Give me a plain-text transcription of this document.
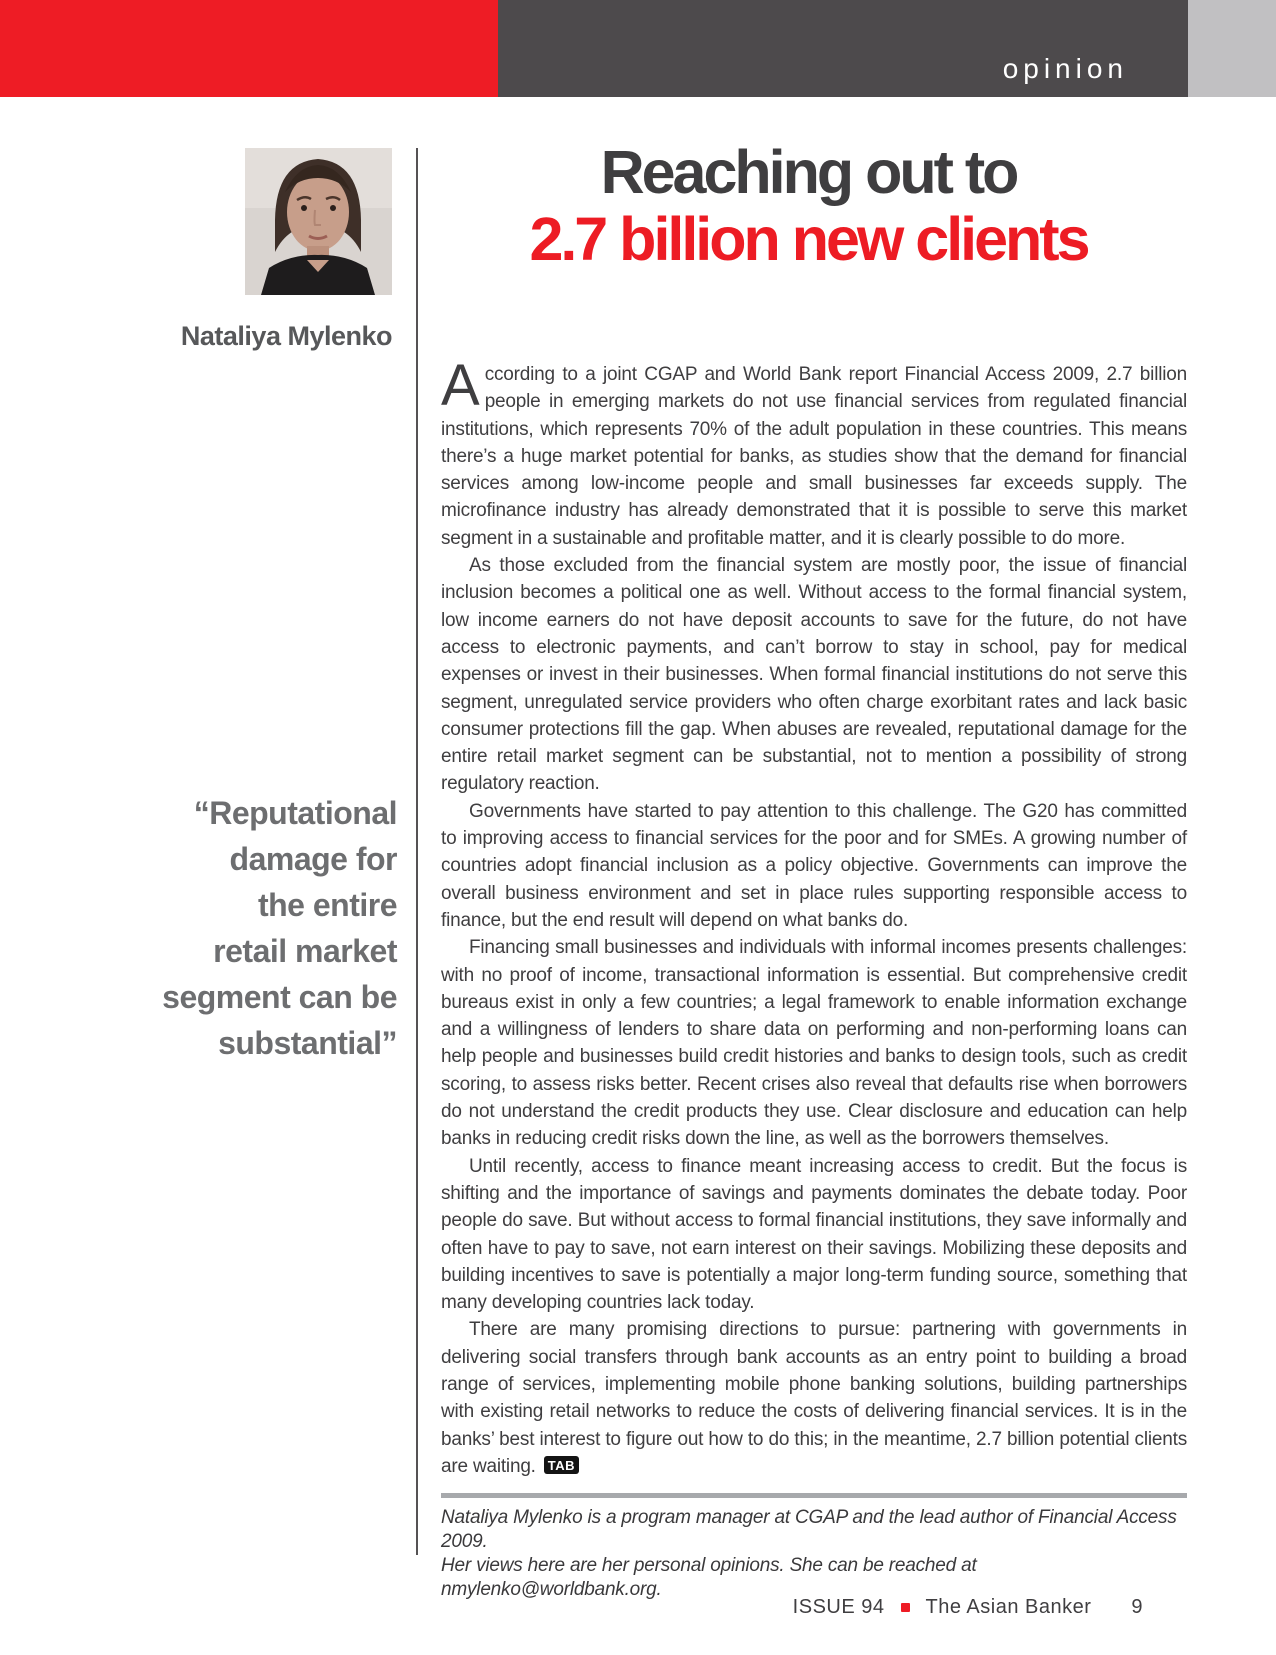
opinion
Nataliya Mylenko
Reaching out to
2.7 billion new clients
“Reputational
damage for
the entire
retail market
segment can be
substantial”

According to a joint CGAP and World Bank report Financial Access 2009, 2.7 billion people in emerging markets do not use financial services from regulated financial institutions, which represents 70% of the adult population in these countries. This means there’s a huge market potential for banks, as studies show that the demand for financial services among low-income people and small businesses far exceeds supply. The microfinance industry has already demonstrated that it is possible to serve this market segment in a sustainable and profitable matter, and it is clearly possible to do more.

As those excluded from the financial system are mostly poor, the issue of financial inclusion becomes a political one as well. Without access to the formal financial system, low income earners do not have deposit accounts to save for the future, do not have access to electronic payments, and can’t borrow to stay in school, pay for medical expenses or invest in their businesses. When formal financial institutions do not serve this segment, unregulated service providers who often charge exorbitant rates and lack basic consumer protections fill the gap. When abuses are revealed, reputational damage for the entire retail market segment can be substantial, not to mention a possibility of strong regulatory reaction.

Governments have started to pay attention to this challenge. The G20 has committed to improving access to financial services for the poor and for SMEs. A growing number of countries adopt financial inclusion as a policy objective. Governments can improve the overall business environment and set in place rules supporting responsible access to finance, but the end result will depend on what banks do.

Financing small businesses and individuals with informal incomes presents challenges: with no proof of income, transactional information is essential. But comprehensive credit bureaus exist in only a few countries; a legal framework to enable information exchange and a willingness of lenders to share data on performing and non-performing loans can help people and businesses build credit histories and banks to design tools, such as credit scoring, to assess risks better. Recent crises also reveal that defaults rise when borrowers do not understand the credit products they use. Clear disclosure and education can help banks in reducing credit risks down the line, as well as the borrowers themselves.

Until recently, access to finance meant increasing access to credit. But the focus is shifting and the importance of savings and payments dominates the debate today. Poor people do save. But without access to formal financial institutions, they save informally and often have to pay to save, not earn interest on their savings. Mobilizing these deposits and building incentives to save is potentially a major long-term funding source, something that many developing countries lack today.

There are many promising directions to pursue: partnering with governments in delivering social transfers through bank accounts as an entry point to building a broad range of services, implementing mobile phone banking solutions, building partnerships with existing retail networks to reduce the costs of delivering financial services. It is in the banks’ best interest to figure out how to do this; in the meantime, 2.7 billion potential clients are waiting. TAB

Nataliya Mylenko is a program manager at CGAP and the lead author of Financial Access 2009.
Her views here are her personal opinions. She can be reached at nmylenko@worldbank.org.
ISSUE 94 The Asian Banker 9
